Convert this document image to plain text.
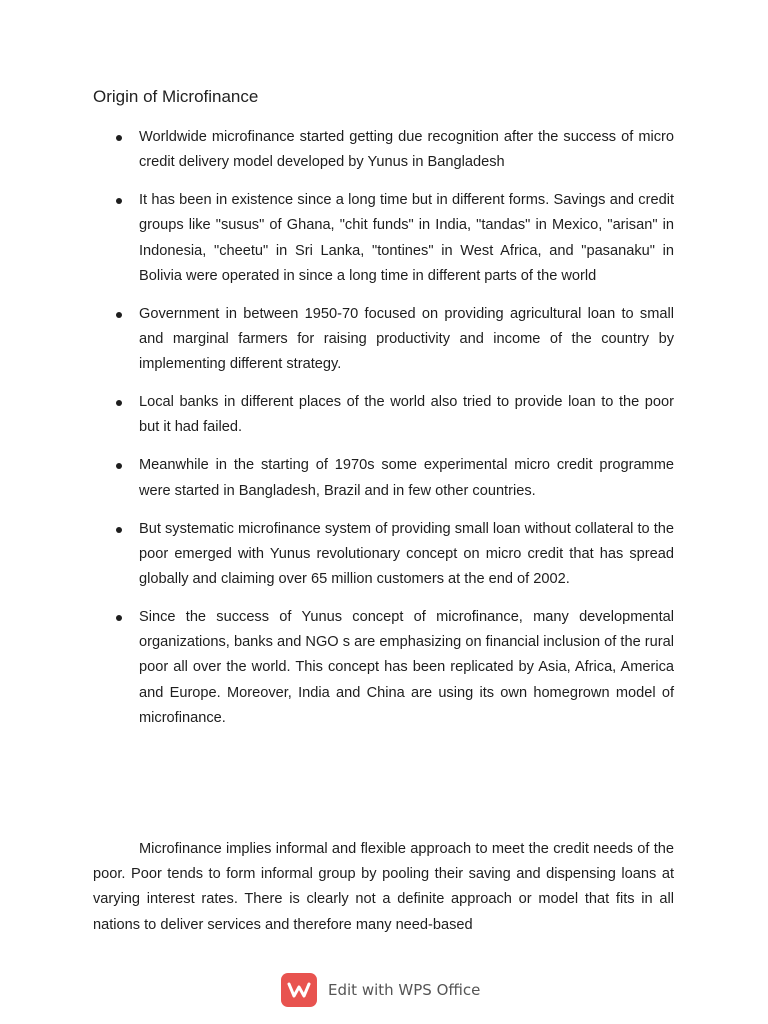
Origin of Microfinance
Worldwide microfinance started getting due recognition after the success of micro credit delivery model developed by Yunus in Bangladesh
It has been in existence since a long time but in different forms. Savings and credit groups like "susus" of Ghana, "chit funds" in India, "tandas" in Mexico, "arisan" in Indonesia, "cheetu" in Sri Lanka, "tontines" in West Africa, and "pasanaku" in Bolivia were operated in since a long time in different parts of the world
Government in between 1950-70 focused on providing agricultural loan to small and marginal farmers for raising productivity and income of the country by implementing different strategy.
Local banks in different places of the world also tried to provide loan to the poor but it had failed.
Meanwhile in the starting of 1970s some experimental micro credit programme were started in Bangladesh, Brazil and in few other countries.
But systematic microfinance system of providing small loan without collateral to the poor emerged with Yunus revolutionary concept on micro credit that has spread globally and claiming over 65 million customers at the end of 2002.
Since the success of Yunus concept of microfinance, many developmental organizations, banks and NGO s are emphasizing on financial inclusion of the rural poor all over the world. This concept has been replicated by Asia, Africa, America and Europe. Moreover, India and China are using its own homegrown model of microfinance.

Microfinance implies informal and flexible approach to meet the credit needs of the poor. Poor tends to form informal group by pooling their saving and dispensing loans at varying interest rates. There is clearly not a definite approach or model that fits in all nations to deliver services and therefore many need-based

Edit with WPS Office
